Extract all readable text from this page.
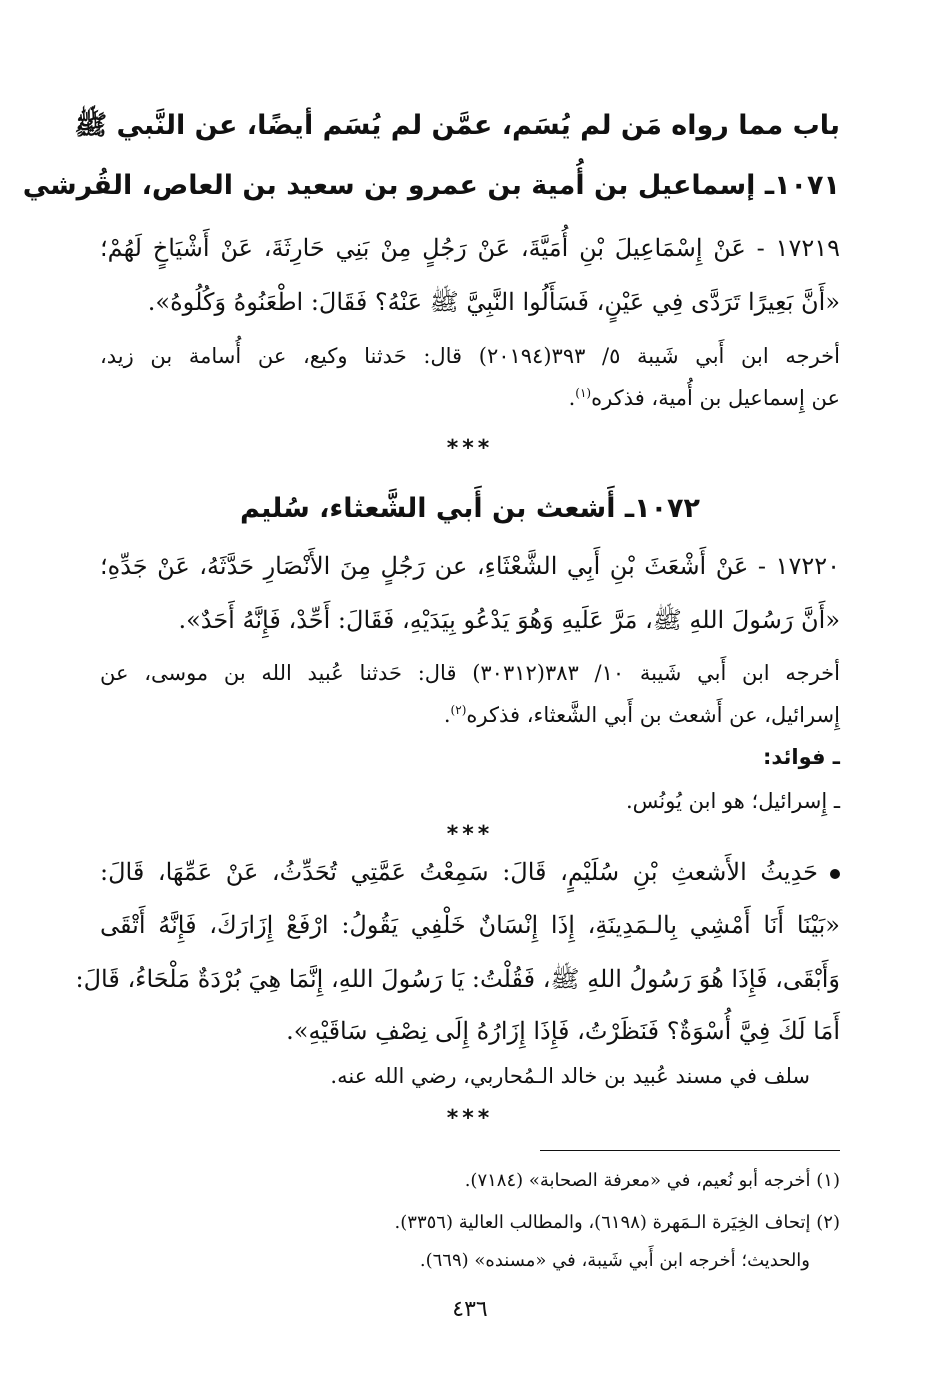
باب مما رواه مَن لم يُسَم، عمَّن لم يُسَم أيضًا، عن النَّبي ﷺ
١٠٧١ـ إسماعيل بن أُمية بن عمرو بن سعيد بن العاص، القُرشي
١٧٢١٩ - عَنْ إِسْمَاعِيلَ بْنِ أُمَيَّةَ، عَنْ رَجُلٍ مِنْ بَنِي حَارِثَةَ، عَنْ أَشْيَاخٍ لَهُمْ؛
«أَنَّ بَعِيرًا تَرَدَّى فِي عَيْنٍ، فَسَأَلُوا النَّبِيَّ ﷺ عَنْهُ؟ فَقَالَ: اطْعَنُوهُ وَكُلُوهُ».
أخرجه ابن أَبي شَيبة ٥/ ٣٩٣(٢٠١٩٤) قال: حَدثنا وكيع، عن أُسامة بن زيد،
عن إِسماعيل بن أُمية، فذكره$^{(١)}$.
***
١٠٧٢ـ أَشعث بن أَبي الشَّعثاء، سُليم
١٧٢٢٠ - عَنْ أَشْعَثَ بْنِ أَبِي الشَّعْثَاءِ، عن رَجُلٍ مِنَ الأَنْصَارِ حَدَّثَهُ، عَنْ جَدِّهِ؛
«أَنَّ رَسُولَ اللهِ ﷺ، مَرَّ عَلَيهِ وَهُوَ يَدْعُو بِيَدَيْهِ، فَقَالَ: أَحِّدْ، فَإِنَّهُ أَحَدٌ».
أخرجه ابن أَبي شَيبة ١٠/ ٣٨٣(٣٠٣١٢) قال: حَدثنا عُبيد الله بن موسى، عن
إِسرائيل، عن أَشعث بن أَبي الشَّعثاء، فذكره$^{(٢)}$.
ـ فوائد:
ـ إِسرائيل؛ هو ابن يُونُس.
***
حَدِيثُ الأَشعثِ بْنِ سُلَيْمٍ، قَالَ: سَمِعْتُ عَمَّتِي تُحَدِّثُ، عَنْ عَمِّهَا، قَالَ:
«بَيْنَا أَنَا أَمْشِي بِالـمَدِينَةِ، إِذَا إِنْسَانٌ خَلْفِي يَقُولُ: ارْفَعْ إِزَارَكَ، فَإِنَّهُ أَتْقَى
وَأَبْقَى، فَإِذَا هُوَ رَسُولُ اللهِ ﷺ، فَقُلْتُ: يَا رَسُولَ اللهِ، إِنَّمَا هِيَ بُرْدَةٌ مَلْحَاءُ، قَالَ:
أَمَا لَكَ فِيَّ أُسْوَةٌ؟ فَنَظَرْتُ، فَإِذَا إِزَارُهُ إِلَى نِصْفِ سَاقَيْهِ».
سلف في مسند عُبيد بن خالد الـمُحاربي، رضي الله عنه.
***
(١) أخرجه أبو نُعيم، في «معرفة الصحابة» (٧١٨٤).
(٢) إتحاف الخِيَرة الـمَهرة (٦١٩٨)، والمطالب العالية (٣٣٥٦).
والحديث؛ أخرجه ابن أَبي شَيبة، في «مسنده» (٦٦٩).
٤٣٦
